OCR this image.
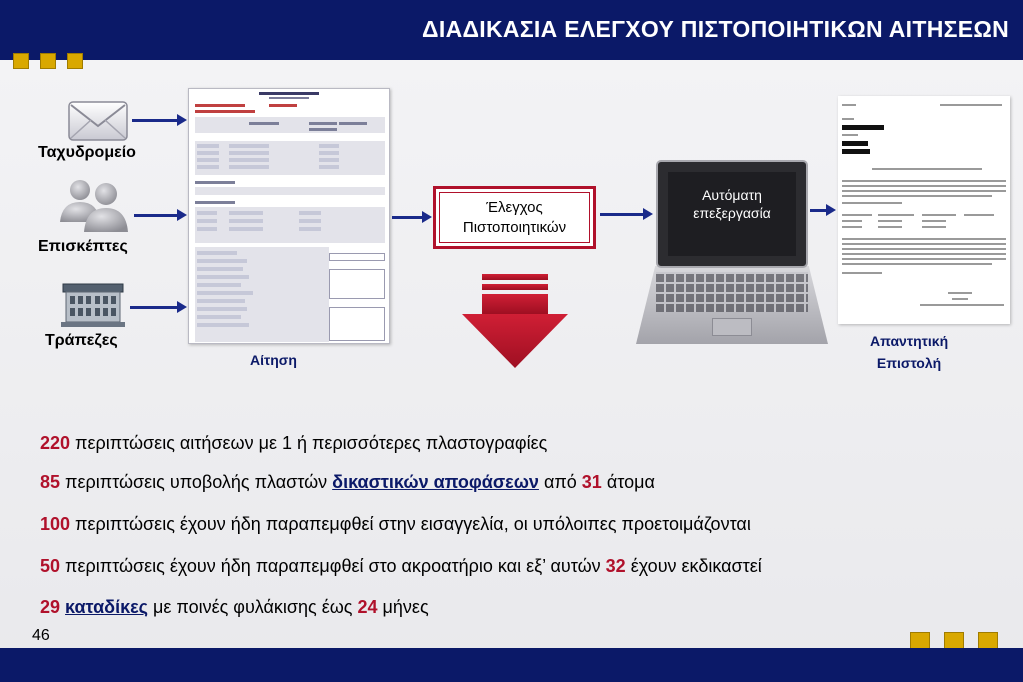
ΔΙΑΔΙΚΑΣΙΑ ΕΛΕΓΧΟΥ ΠΙΣΤΟΠΟΙΗΤΙΚΩΝ ΑΙΤΗΣΕΩΝ
Ταχυδρομείο
Επισκέπτες
Τράπεζες
Αίτηση
Έλεγχος
Πιστοποιητικών
Αυτόματη
επεξεργασία
Απαντητική
Επιστολή
220 περιπτώσεις αιτήσεων με 1 ή περισσότερες πλαστογραφίες
85 περιπτώσεις υποβολής πλαστών δικαστικών αποφάσεων από 31 άτομα
100 περιπτώσεις έχουν ήδη παραπεμφθεί στην εισαγγελία, οι υπόλοιπες προετοιμάζονται
50 περιπτώσεις έχουν ήδη παραπεμφθεί στο ακροατήριο και εξ’ αυτών 32 έχουν εκδικαστεί
29 καταδίκες με ποινές φυλάκισης έως 24 μήνες
46
